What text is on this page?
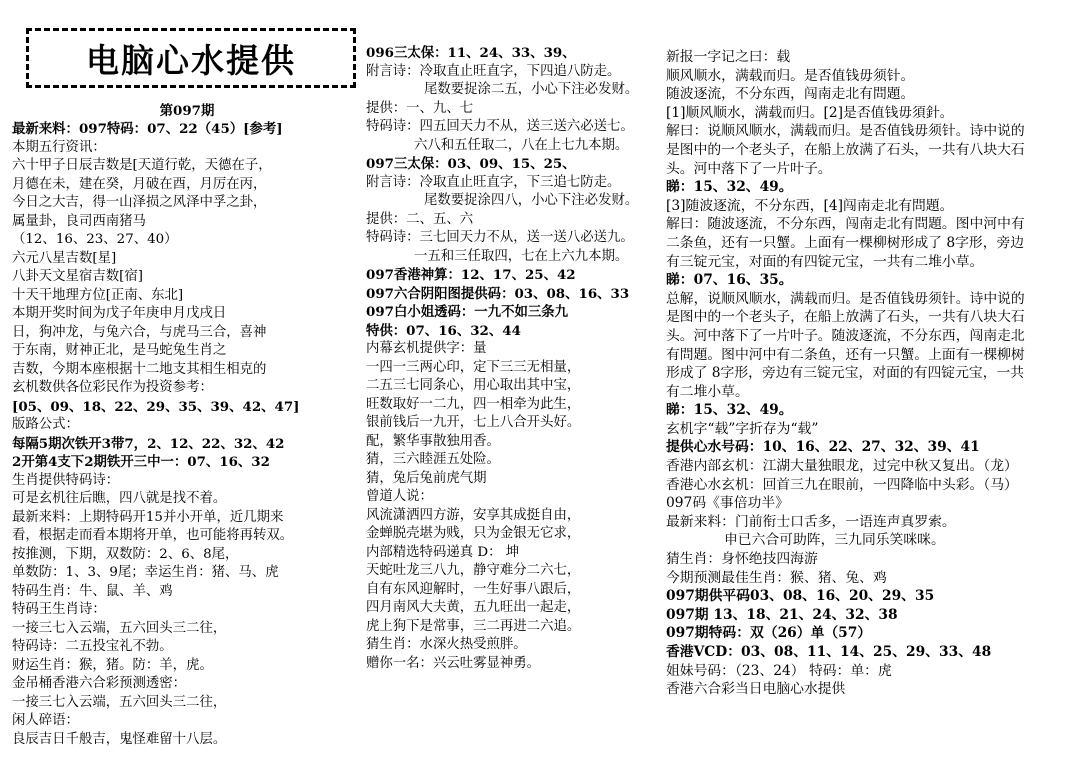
电脑心水提供
第097期
最新来料：097特码：07、22（45）[参考]
本期五行资讯：
六十甲子日辰吉数是[天道行乾，天德在子，
月德在未，建在癸，月破在酉，月厉在丙，
今日之大吉，得一山泽损之风泽中孚之卦，
属量卦，良司西南猪马
（12、16、23、27、40）
六元八星吉数[星]
八卦天文星宿吉数[宿]
十天干地理方位[正南、东北]
本期开奖时间为戊子年庚申月戊戌日
日，狗冲龙，与兔六合，与虎马三合，喜神
于东南，财神正北，是马蛇兔生肖之
吉数，今期本座根据十二地支其相生相克的
玄机数供各位彩民作为投资参考：
[05、09、18、22、29、35、39、42、47]
版路公式：
每隔5期次铁开3带7，2、12、22、32、42
2开第4支下2期铁开三中一：07、16、32
生肖提供特码诗：
可是玄机往后瞧，四八就是找不着。
最新来料：上期特码开15并小开单，近几期来
看，根据走而看本期将开单，也可能将再转双。
按推测，下期，双数防：2、6、8尾，
单数防：1、3、9尾；幸运生肖：猪、马、虎
特码生肖：牛、鼠、羊、鸡
特码王生肖诗：
一接三七入云端，五六回头三二往，
特码诗：二五投宝礼不勃。
财运生肖：猴，猪。防：羊，虎。
金吊桶香港六合彩预测透密：
一接三七入云端，五六回头三二往，
闲人碎语：
良辰吉日千般吉，鬼怪难留十八层。
096三太保：11、24、33、39、
附言诗：冷取直止旺直字，下四追八防走。
尾数要捉涂二五，小心下注必发财。
提供：一、九、七
特码诗：四五回天力不从，送三送六必送七。
六八和五任取二，八在上七九本期。
097三太保：03、09、15、25、
附言诗：冷取直止旺直字，下三追七防走。
尾数要捉涂四八，小心下注必发财。
提供：二、五、六
特码诗：三七回天力不从，送一送八必送九。
一五和三任取四，七在上六九本期。
097香港神算：12、17、25、42
097六合阴阳图提供码：03、08、16、33
097白小姐透码：一九不如三条九
特供：07、16、32、44
内幕玄机提供字：量
一四一三两心印，定下三三无相量，
二五三七同条心，用心取出其中宝，
旺数取好一二九，四一相牵为此生，
银前钱后一九开，七上八合开头好。
配，繁华事散独用香。
猜，三六睦涯五处险。
猜，兔后兔前虎气期
曾道人说：
风流潇洒四方游，安享其成挺自由，
金蝉脱壳堪为贱，只为金银无它求，
内部精选特码递真 D： 坤
天蛇吐龙三八九，静守难分二六七，
自有东风迎解时，一生好事八跟后，
四月南风大夫黄，五九旺出一起走，
虎上狗下是常事，三二再进二六追。
猜生肖：水深火热受煎胖。
赠你一名：兴云吐雾显神勇。
新报一字记之曰：载
顺风顺水，满载而归。是否值钱毋须针。
随波逐流，不分东西，闯南走北有問題。
[1]顺风顺水，满载而归。[2]是否值钱毋須針。
解曰：说顺风顺水，满载而归。是否值钱毋须针。诗中说的
是图中的一个老头子，在船上放满了石头，一共有八块大石
头。河中落下了一片叶子。
睇：15、32、49。
[3]随波逐流，不分东西，[4]闯南走北有問題。
解曰：随波逐流，不分东西，闯南走北有問題。图中河中有
二条鱼，还有一只蟹。上面有一棵柳树形成了 8字形，旁边
有三锭元宝，对面的有四锭元宝，一共有二堆小草。
睇：07、16、35。
总解，说顺风顺水，满载而归。是否值钱毋须针。诗中说的
是图中的一个老头子，在船上放满了石头，一共有八块大石
头。河中落下了一片叶子。随波逐流，不分东西，闯南走北
有問題。图中河中有二条鱼，还有一只蟹。上面有一棵柳树
形成了 8字形，旁边有三锭元宝，对面的有四锭元宝，一共
有二堆小草。
睇：15、32、49。
玄机字“载”字折存为“载”
提供心水号码：10、16、22、27、32、39、41
香港内部玄机：江湖大量独眼龙，过完中秋又复出。（龙）
香港心水玄机：回首三九在眼前，一四降临中头彩。（马）
097码《事倍功半》
最新来料：门前衔士口舌多，一语连声真罗索。
申已六合可助阵，三九同乐笑咪咪。
猜生肖：身怀绝技四海游
今期预测最佳生肖：猴、猪、兔、鸡
097期供平码03、08、16、20、29、35
097期 13、18、21、24、32、38
097期特码：双（26）单（57）
香港VCD：03、08、11、14、25、29、33、48
姐妹号码：（23、24） 特码：单：虎
香港六合彩当日电脑心水提供
